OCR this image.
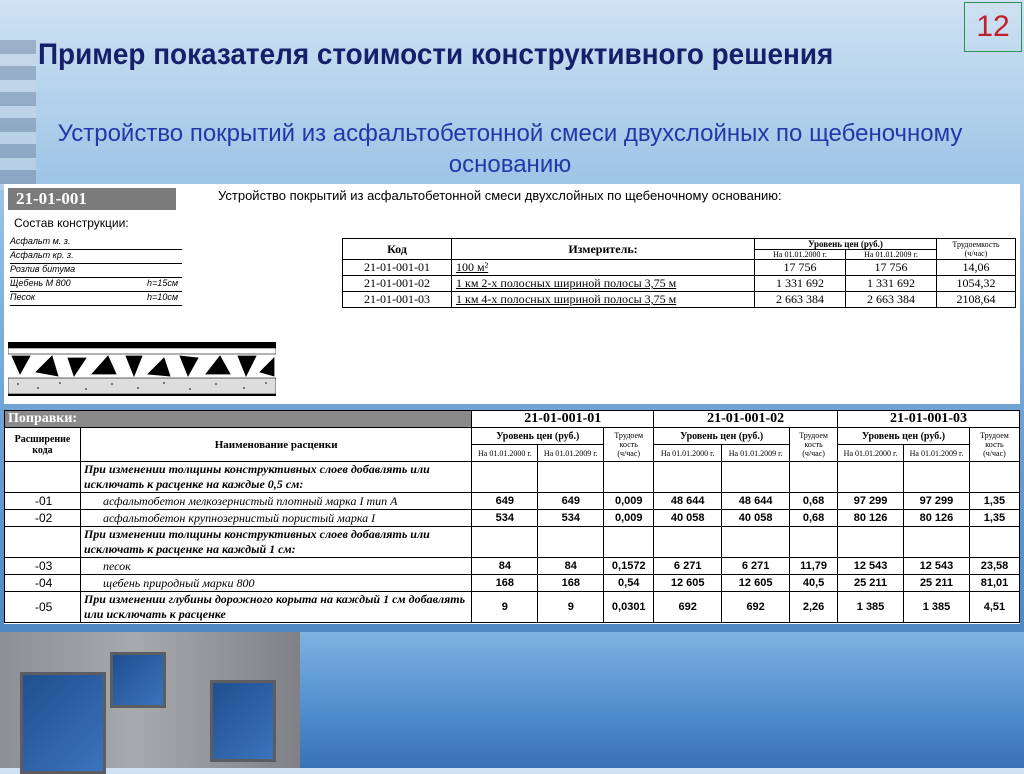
12
Пример показателя стоимости конструктивного решения
Устройство покрытий из асфальтобетонной смеси двухслойных по щебеночному основанию
21-01-001
Состав конструкции:
Асфальт м. з.
Асфальт кр. з.
Розлив битума
Щебень М 800	h=15см
Песок	h=10см
Устройство покрытий из асфальтобетонной смеси двухслойных по щебеночному основанию:
Код	Измеритель:	Уровень цен (руб.)		Трудоемкость
(ч/час)
		На 01.01.2000 г.	На 01.01.2009 г.	
21-01-001-01	100 м²	17 756	17 756	14,06
21-01-001-02	1 км 2-х полосных шириной полосы 3,75 м	1 331 692	1 331 692	1054,32
21-01-001-03	1 км 4-х полосных шириной полосы 3,75 м	2 663 384	2 663 384	2108,64
Поправки:		21-01-001-01			21-01-001-02			21-01-001-03		
Расширение кода	Наименование расценки	Уровень цен (руб.)		Трудоем кость
(ч/час)	Уровень цен (руб.)		Трудоем кость
(ч/час)	Уровень цен (руб.)		Трудоем кость
(ч/час)
		На 01.01.2000 г.	На 01.01.2009 г.		На 01.01.2000 г.	На 01.01.2009 г.		На 01.01.2000 г.	На 01.01.2009 г.	
	При изменении толщины конструктивных слоев добавлять или исключать к расценке на каждые 0,5 см:									
-01	асфальтобетон мелкозернистый плотный марка I тип А	649	649	0,009	48 644	48 644	0,68	97 299	97 299	1,35
-02	асфальтобетон крупнозернистый пористый марка I	534	534	0,009	40 058	40 058	0,68	80 126	80 126	1,35
	При изменении толщины конструктивных слоев добавлять или исключать к расценке на каждый 1 см:									
-03	песок	84	84	0,1572	6 271	6 271	11,79	12 543	12 543	23,58
-04	щебень природный марки 800	168	168	0,54	12 605	12 605	40,5	25 211	25 211	81,01
-05	При изменении глубины дорожного корыта на каждый 1 см добавлять или исключать к расценке	9	9	0,0301	692	692	2,26	1 385	1 385	4,51
